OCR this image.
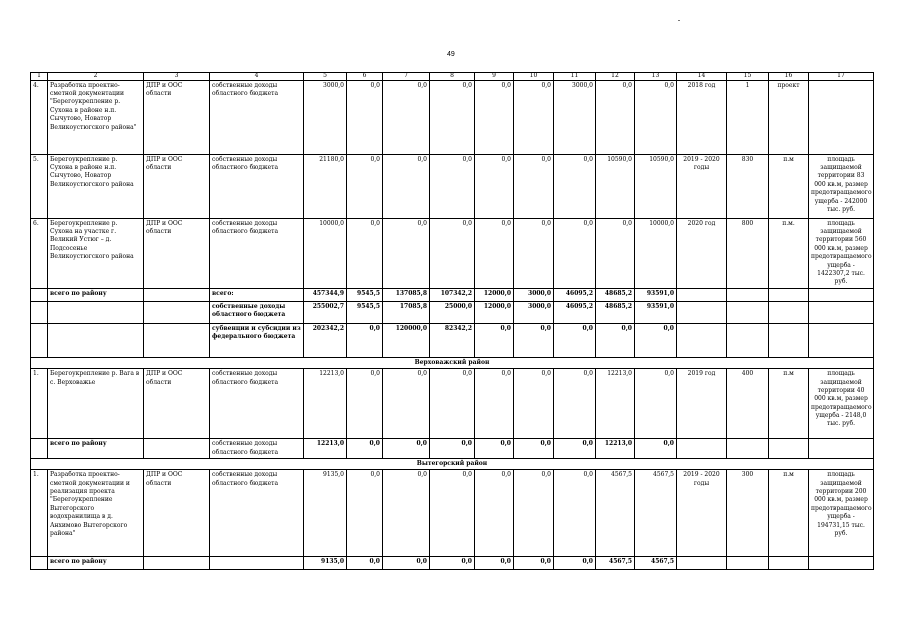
49
1	2	3	4	5	6	7	8	9	10	11	12	13	14	15	16	17
4.	Разработка проектно-сметной документации "Берегоукрепление р. Сухона в районе н.п. Сычутово, Новатор Великоустюгского района"	ДПР и ООС области	собственные доходы областного бюджета	3000,0	0,0	0,0	0,0	0,0	0,0	3000,0	0,0	0,0	2018 год	1	проект	
5.	Берегоукрепление р. Сухона в районе н.п. Сычутово, Новатор Великоустюгского района	ДПР и ООС области	собственные доходы областного бюджета	21180,0	0,0	0,0	0,0	0,0	0,0	0,0	10590,0	10590,0	2019 - 2020 годы	830	п.м	площадь защищаемой территории 83 000 кв.м, размер предотвращаемого ущерба - 242000 тыс. руб.
6.	Берегоукрепление р. Сухона на участке г. Великий Устюг – д. Подсосенье Великоустюгского района	ДПР и ООС области	собственные доходы областного бюджета	10000,0	0,0	0,0	0,0	0,0	0,0	0,0	0,0	10000,0	2020 год	800	п.м.	площадь защищаемой территории 560 000 кв.м, размер предотвращаемого ущерба - 1422307,2 тыс. руб.
	всего по району		всего:	457344,9	9545,5	137085,8	107342,2	12000,0	3000,0	46095,2	48685,2	93591,0				
			собственные доходы областного бюджета	255002,7	9545,5	17085,8	25000,0	12000,0	3000,0	46095,2	48685,2	93591,0				
			субвенции и субсидии из федерального бюджета	202342,2	0,0	120000,0	82342,2	0,0	0,0	0,0	0,0	0,0				
Верховажский район																
1.	Берегоукрепление р. Вага в с. Верховажье	ДПР и ООС области	собственные доходы областного бюджета	12213,0	0,0	0,0	0,0	0,0	0,0	0,0	12213,0	0,0	2019 год	400	п.м	площадь защищаемой территории 40 000 кв.м, размер предотвращаемого ущерба - 2148,0 тыс. руб.
	всего по району		собственные доходы областного бюджета	12213,0	0,0	0,0	0,0	0,0	0,0	0,0	12213,0	0,0				
Вытегорский район																
1.	Разработка проектно-сметной документации и реализация проекта "Берегоукрепление Вытегорского водохранилища в д. Анхимово Вытегорского района"	ДПР и ООС области	собственные доходы областного бюджета	9135,0	0,0	0,0	0,0	0,0	0,0	0,0	4567,5	4567,5	2019 - 2020 годы	300	п.м	площадь защищаемой территории 200 000 кв.м, размер предотвращаемого ущерба - 194731,15 тыс. руб.
	всего по району			9135,0	0,0	0,0	0,0	0,0	0,0	0,0	4567,5	4567,5				
